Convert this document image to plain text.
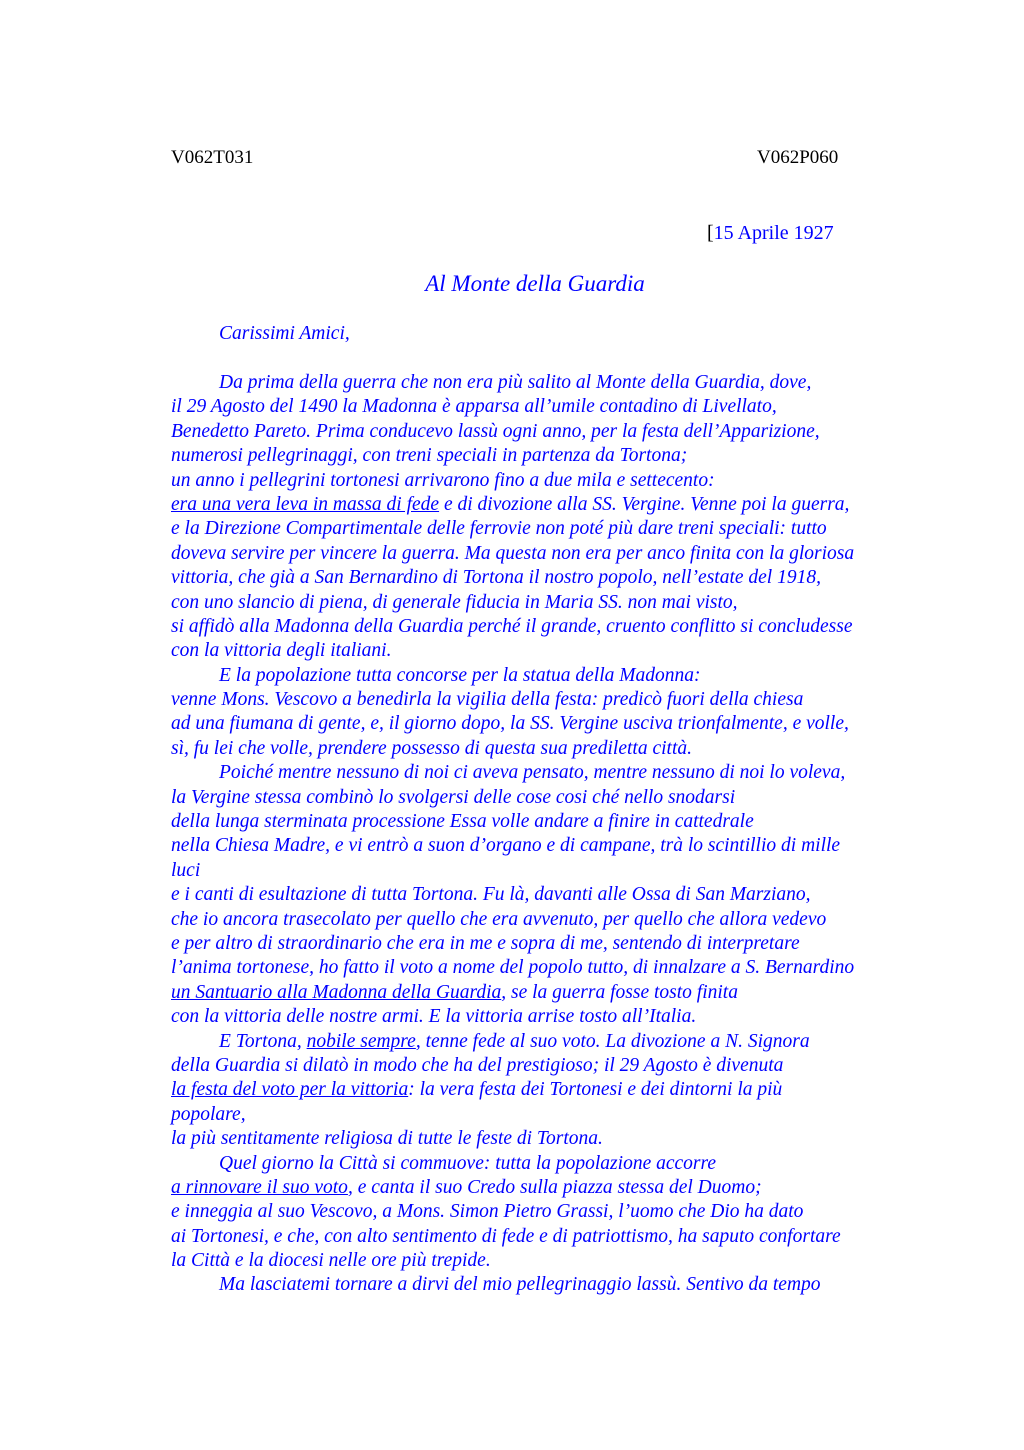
V062T031	V062P060
[15 Aprile 1927
Al Monte della Guardia
Carissimi Amici,
Da prima della guerra che non era più salito al Monte della Guardia, dove,
il 29 Agosto del 1490 la Madonna è apparsa all’umile contadino di Livellato,
Benedetto Pareto. Prima conducevo lassù ogni anno, per la festa dell’Apparizione,
numerosi pellegrinaggi, con treni speciali in partenza da Tortona;
un anno i pellegrini tortonesi arrivarono fino a due mila e settecento:
era una vera leva in massa di fede e di divozione alla SS. Vergine. Venne poi la guerra,
e la Direzione Compartimentale delle ferrovie non poté più dare treni speciali: tutto
doveva servire per vincere la guerra. Ma questa non era per anco finita con la gloriosa
vittoria, che già a San Bernardino di Tortona il nostro popolo, nell’estate del 1918,
con uno slancio di piena, di generale fiducia in Maria SS. non mai visto,
si affidò alla Madonna della Guardia perché il grande, cruento conflitto si concludesse
con la vittoria degli italiani.
E la popolazione tutta concorse per la statua della Madonna:
venne Mons. Vescovo a benedirla la vigilia della festa: predicò fuori della chiesa
ad una fiumana di gente, e, il giorno dopo, la SS. Vergine usciva trionfalmente, e volle,
sì, fu lei che volle, prendere possesso di questa sua prediletta città.
Poiché mentre nessuno di noi ci aveva pensato, mentre nessuno di noi lo voleva,
la Vergine stessa combinò lo svolgersi delle cose cosi ché nello snodarsi
della lunga sterminata processione Essa volle andare a finire in cattedrale
nella Chiesa Madre, e vi entrò a suon d’organo e di campane, trà lo scintillio di mille
luci
e i canti di esultazione di tutta Tortona. Fu là, davanti alle Ossa di San Marziano,
che io ancora trasecolato per quello che era avvenuto, per quello che allora vedevo
e per altro di straordinario che era in me e sopra di me, sentendo di interpretare
l’anima tortonese, ho fatto il voto a nome del popolo tutto, di innalzare a S. Bernardino
un Santuario alla Madonna della Guardia, se la guerra fosse tosto finita
con la vittoria delle nostre armi. E la vittoria arrise tosto all’Italia.
E Tortona, nobile sempre, tenne fede al suo voto. La divozione a N. Signora
della Guardia si dilatò in modo che ha del prestigioso; il 29 Agosto è divenuta
la festa del voto per la vittoria: la vera festa dei Tortonesi e dei dintorni la più
popolare,
la più sentitamente religiosa di tutte le feste di Tortona.
Quel giorno la Città si commuove: tutta la popolazione accorre
a rinnovare il suo voto, e canta il suo Credo sulla piazza stessa del Duomo;
e inneggia al suo Vescovo, a Mons. Simon Pietro Grassi, l’uomo che Dio ha dato
ai Tortonesi, e che, con alto sentimento di fede e di patriottismo, ha saputo confortare
la Città e la diocesi nelle ore più trepide.
Ma lasciatemi tornare a dirvi del mio pellegrinaggio lassù. Sentivo da tempo
